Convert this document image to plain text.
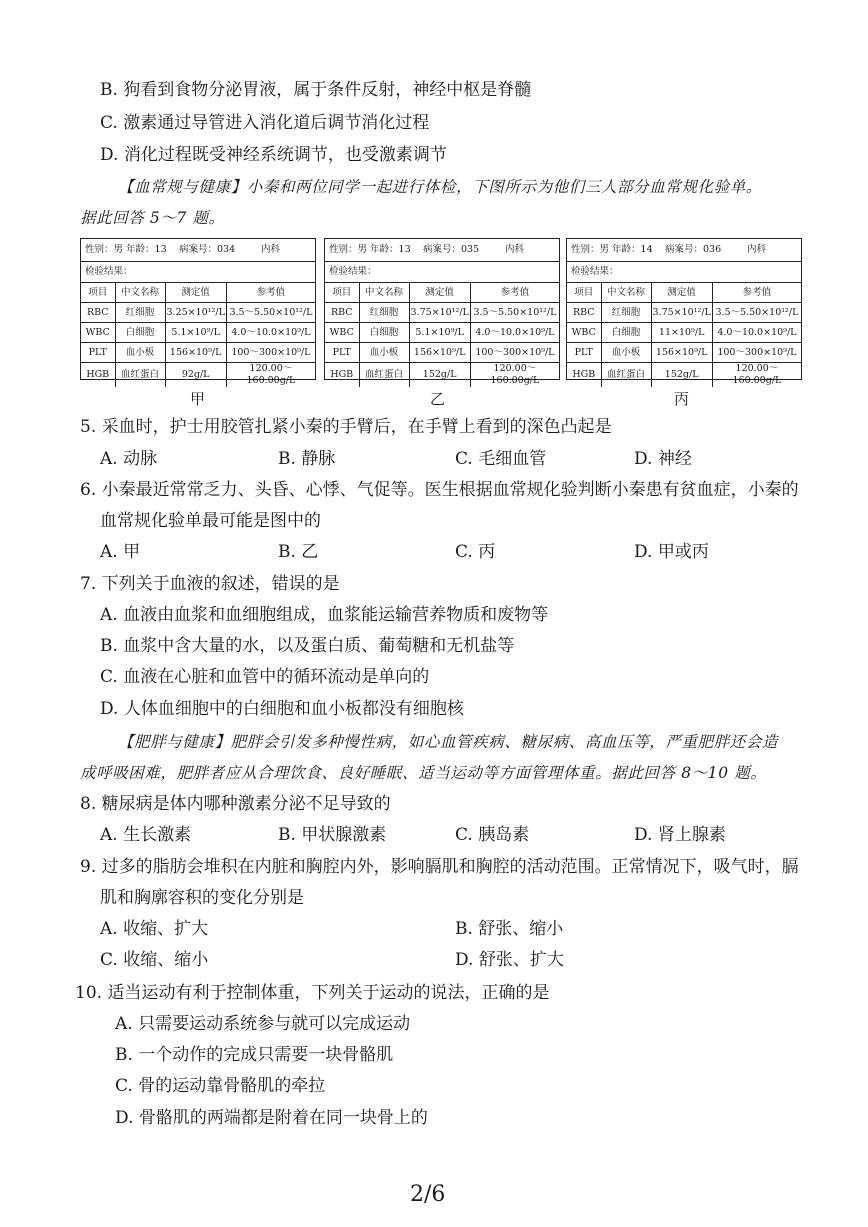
B. 狗看到食物分泌胃液，属于条件反射，神经中枢是脊髓
C. 激素通过导管进入消化道后调节消化过程
D. 消化过程既受神经系统调节，也受激素调节
【血常规与健康】小秦和两位同学一起进行体检，下图所示为他们三人部分血常规化验单。
据此回答 5～7 题。
性别：男 年龄：13 病案号：034	内科
检验结果：
项目	中文名称	测定值	参考值
RBC	红细胞	3.25×10¹²/L	3.5～5.50×10¹²/L
WBC	白细胞	5.1×10⁹/L	4.0～10.0×10⁹/L
PLT	血小板	156×10⁹/L	100～300×10⁹/L
HGB	血红蛋白	92g/L	120.00～160.00g/L
性别：男 年龄：13 病案号：035	内科
检验结果：
项目	中文名称	测定值	参考值
RBC	红细胞	3.75×10¹²/L	3.5～5.50×10¹²/L
WBC	白细胞	5.1×10⁹/L	4.0～10.0×10⁹/L
PLT	血小板	156×10⁹/L	100～300×10⁹/L
HGB	血红蛋白	152g/L	120.00～160.00g/L
性别：男 年龄：14 病案号：036	内科
检验结果：
项目	中文名称	测定值	参考值
RBC	红细胞	3.75×10¹²/L	3.5～5.50×10¹²/L
WBC	白细胞	11×10⁹/L	4.0～10.0×10⁹/L
PLT	血小板	156×10⁹/L	100～300×10⁹/L
HGB	血红蛋白	152g/L	120.00～160.00g/L
甲	乙	丙
5. 采血时，护士用胶管扎紧小秦的手臂后，在手臂上看到的深色凸起是
A. 动脉	B. 静脉	C. 毛细血管	D. 神经
6. 小秦最近常常乏力、头昏、心悸、气促等。医生根据血常规化验判断小秦患有贫血症，小秦的
血常规化验单最可能是图中的
A. 甲	B. 乙	C. 丙	D. 甲或丙
7. 下列关于血液的叙述，错误的是
A. 血液由血浆和血细胞组成，血浆能运输营养物质和废物等
B. 血浆中含大量的水，以及蛋白质、葡萄糖和无机盐等
C. 血液在心脏和血管中的循环流动是单向的
D. 人体血细胞中的白细胞和血小板都没有细胞核
【肥胖与健康】肥胖会引发多种慢性病，如心血管疾病、糖尿病、高血压等，严重肥胖还会造
成呼吸困难，肥胖者应从合理饮食、良好睡眠、适当运动等方面管理体重。据此回答 8～10 题。
8. 糖尿病是体内哪种激素分泌不足导致的
A. 生长激素	B. 甲状腺激素	C. 胰岛素	D. 肾上腺素
9. 过多的脂肪会堆积在内脏和胸腔内外，影响膈肌和胸腔的活动范围。正常情况下，吸气时，膈
肌和胸廓容积的变化分别是
A. 收缩、扩大	B. 舒张、缩小
C. 收缩、缩小	D. 舒张、扩大
10. 适当运动有利于控制体重，下列关于运动的说法，正确的是
A. 只需要运动系统参与就可以完成运动
B. 一个动作的完成只需要一块骨骼肌
C. 骨的运动靠骨骼肌的牵拉
D. 骨骼肌的两端都是附着在同一块骨上的
2/6
